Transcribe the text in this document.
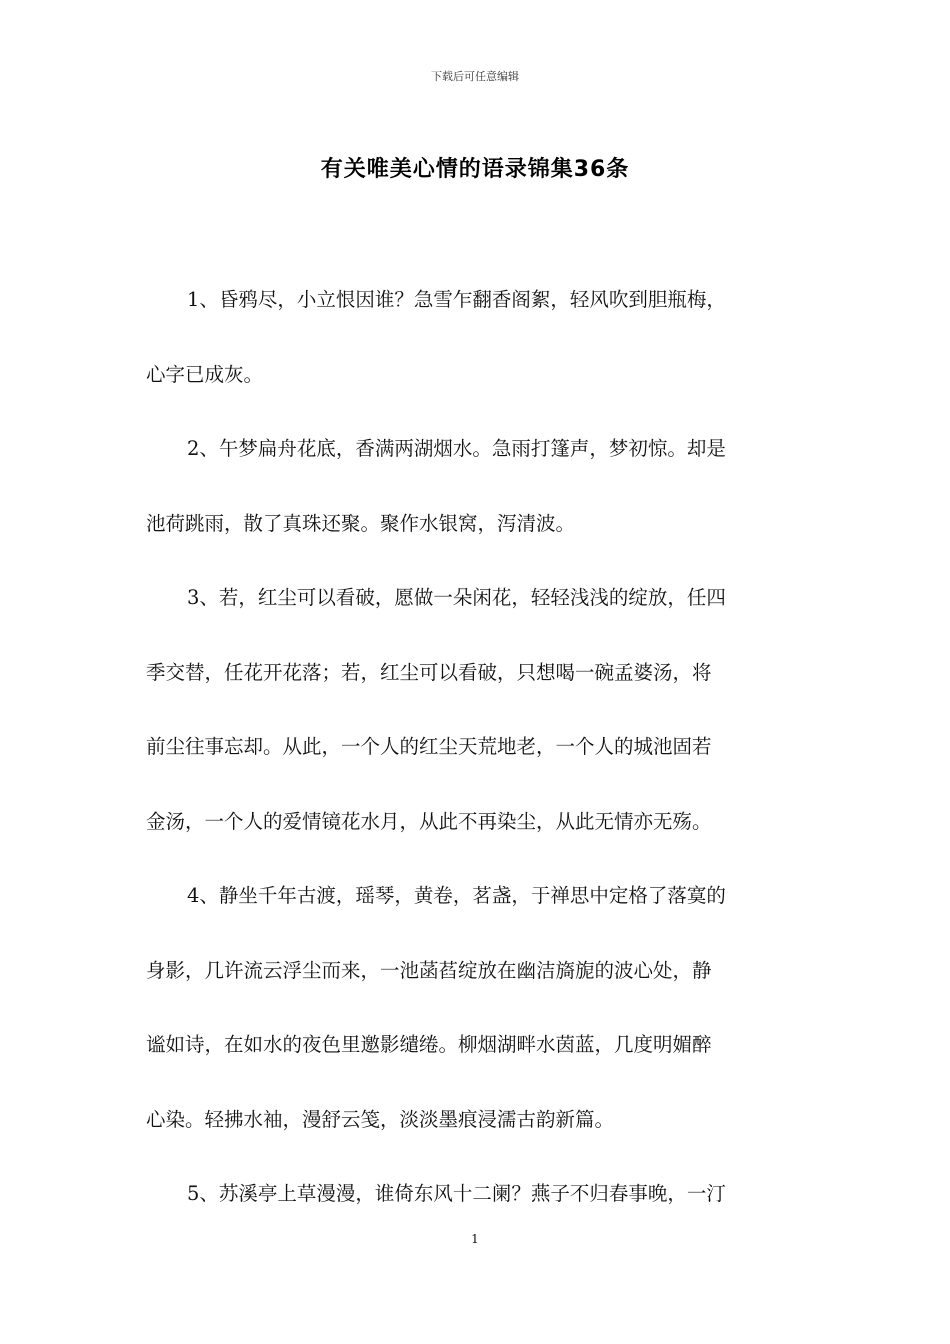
下载后可任意编辑
有关唯美心情的语录锦集36条
1、昏鸦尽，小立恨因谁？急雪乍翻香阁絮，轻风吹到胆瓶梅，
心字已成灰。
2、午梦扁舟花底，香满两湖烟水。急雨打篷声，梦初惊。却是
池荷跳雨，散了真珠还聚。聚作水银窝，泻清波。
3、若，红尘可以看破，愿做一朵闲花，轻轻浅浅的绽放，任四
季交替，任花开花落；若，红尘可以看破，只想喝一碗孟婆汤，将
前尘往事忘却。从此，一个人的红尘天荒地老，一个人的城池固若
金汤，一个人的爱情镜花水月，从此不再染尘，从此无情亦无殇。
4、静坐千年古渡，瑶琴，黄卷，茗盏，于禅思中定格了落寞的
身影，几许流云浮尘而来，一池菡萏绽放在幽洁旖旎的波心处，静
谧如诗，在如水的夜色里邀影缱绻。柳烟湖畔水茵蓝，几度明媚醉
心染。轻拂水袖，漫舒云笺，淡淡墨痕浸濡古韵新篇。
5、苏溪亭上草漫漫，谁倚东风十二阑？燕子不归春事晚，一汀
1
